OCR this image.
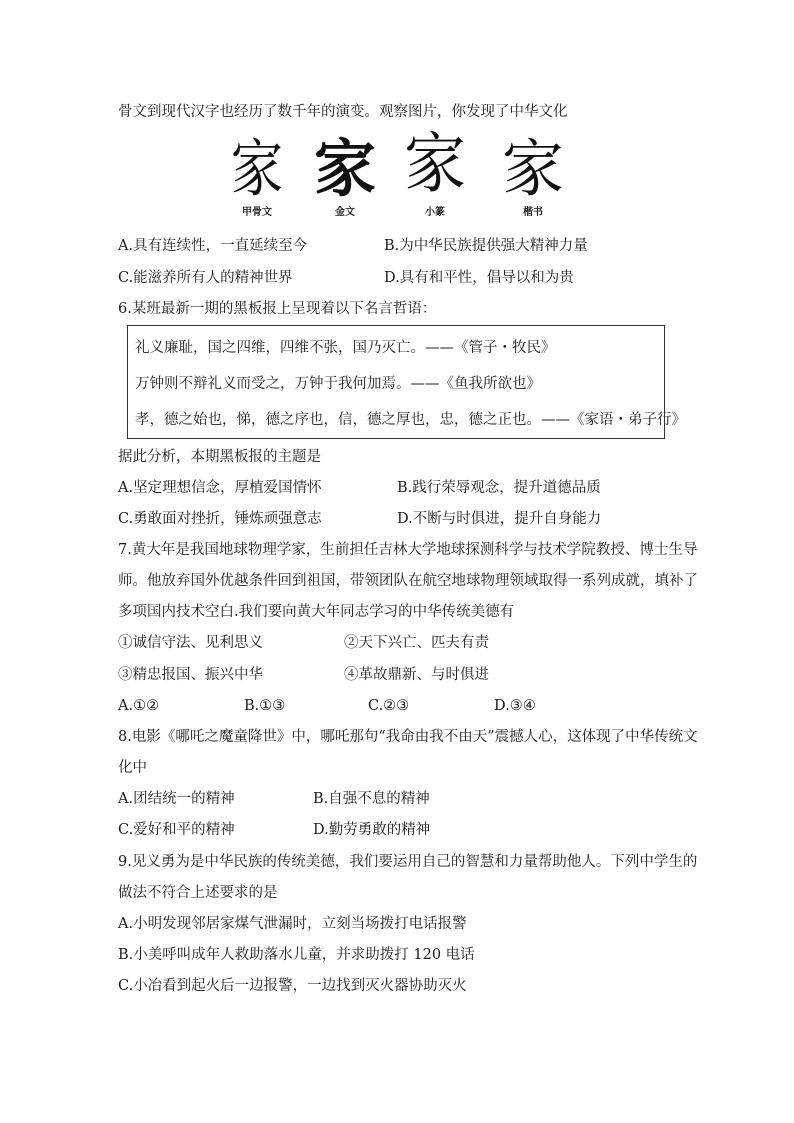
骨文到现代汉字也经历了数千年的演变。观察图片，你发现了中华文化
家
甲骨文
家
金文
家
小篆
家
楷书
A.具有连续性，一直延续至今	B.为中华民族提供强大精神力量
C.能滋养所有人的精神世界	D.具有和平性，倡导以和为贵
6.某班最新一期的黑板报上呈现着以下名言哲语：
礼义廉耻，国之四维，四维不张，国乃灭亡。——《管子・牧民》
万钟则不辩礼义而受之，万钟于我何加焉。——《鱼我所欲也》
孝，德之始也，悌，德之序也，信，德之厚也，忠，德之正也。——《家语・弟子行》
据此分析，本期黑板报的主题是
A.坚定理想信念，厚植爱国情怀	B.践行荣辱观念，提升道德品质
C.勇敢面对挫折，锤炼顽强意志	D.不断与时俱进，提升自身能力
7.黄大年是我国地球物理学家，生前担任吉林大学地球探测科学与技术学院教授、博士生导
师。他放弃国外优越条件回到祖国，带领团队在航空地球物理领域取得一系列成就，填补了
多项国内技术空白.我们要向黄大年同志学习的中华传统美德有
①诚信守法、见利思义	②天下兴亡、匹夫有责
③精忠报国、振兴中华	④革故鼎新、与时俱进
A.①②	B.①③	C.②③	D.③④
8.电影《哪吒之魔童降世》中，哪吒那句“我命由我不由天”震撼人心，这体现了中华传统文
化中
A.团结统一的精神	B.自强不息的精神
C.爱好和平的精神	D.勤劳勇敢的精神
9.见义勇为是中华民族的传统美德，我们要运用自己的智慧和力量帮助他人。下列中学生的
做法不符合上述要求的是
A.小明发现邻居家煤气泄漏时，立刻当场拨打电话报警
B.小美呼叫成年人救助落水儿童，并求助拨打 120 电话
C.小冶看到起火后一边报警，一边找到灭火器协助灭火
